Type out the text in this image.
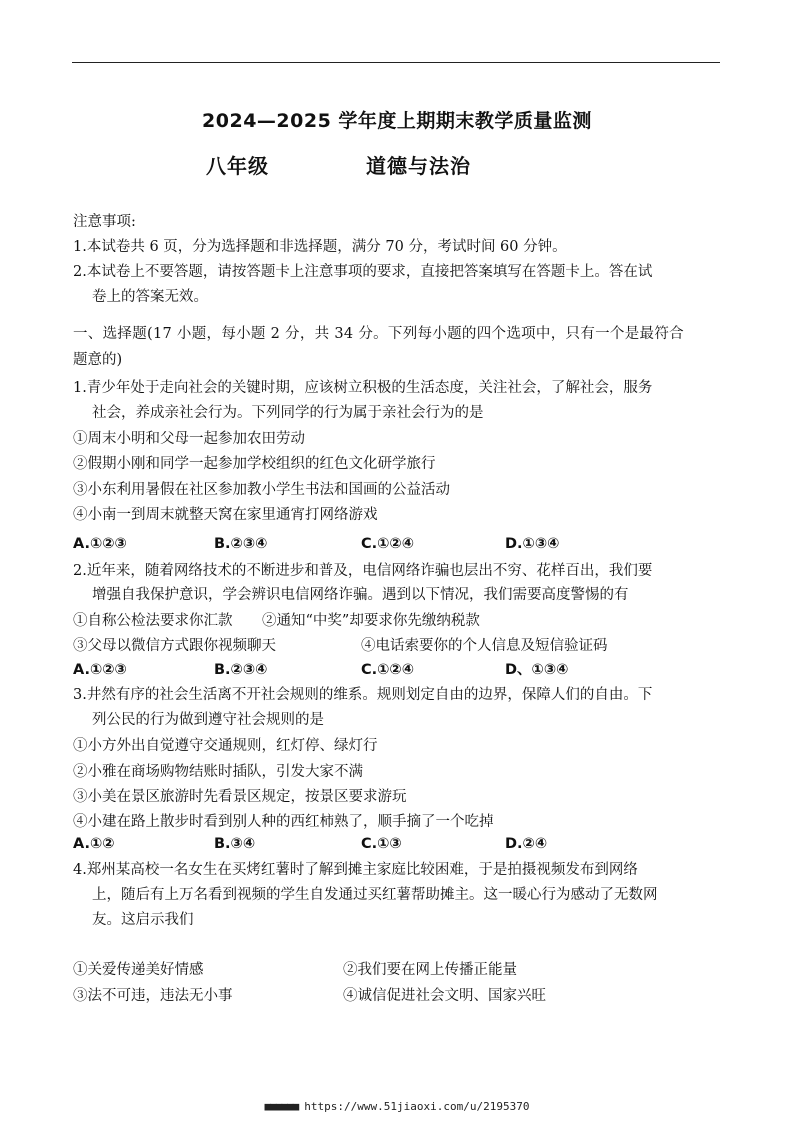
2024—2025 学年度上期期末教学质量监测
八年级	道德与法治
注意事项:
1.本试卷共 6 页，分为选择题和非选择题，满分 70 分，考试时间 60 分钟。
2.本试卷上不要答题，请按答题卡上注意事项的要求，直接把答案填写在答题卡上。答在试
卷上的答案无效。
一、选择题(17 小题，每小题 2 分，共 34 分。下列每小题的四个选项中，只有一个是最符合
题意的)
1.青少年处于走向社会的关键时期，应该树立积极的生活态度，关注社会，了解社会，服务
社会，养成亲社会行为。下列同学的行为属于亲社会行为的是
①周末小明和父母一起参加农田劳动
②假期小刚和同学一起参加学校组织的红色文化研学旅行
③小东利用暑假在社区参加教小学生书法和国画的公益活动
④小南一到周末就整天窝在家里通宵打网络游戏
A.①②③	B.②③④	C.①②④	D.①③④
2.近年来，随着网络技术的不断进步和普及，电信网络诈骗也层出不穷、花样百出，我们要
增强自我保护意识，学会辨识电信网络诈骗。遇到以下情况，我们需要高度警惕的有
①自称公检法要求你汇款 ②通知“中奖”却要求你先缴纳税款
③父母以微信方式跟你视频聊天	④电话索要你的个人信息及短信验证码
A.①②③	B.②③④	C.①②④	D、①③④
3.井然有序的社会生活离不开社会规则的维系。规则划定自由的边界，保障人们的自由。下
列公民的行为做到遵守社会规则的是
①小方外出自觉遵守交通规则，红灯停、绿灯行
②小雅在商场购物结账时插队，引发大家不满
③小美在景区旅游时先看景区规定，按景区要求游玩
④小建在路上散步时看到别人种的西红柿熟了，顺手摘了一个吃掉
A.①②	B.③④	C.①③	D.②④
4.郑州某高校一名女生在买烤红薯时了解到摊主家庭比较困难，于是拍摄视频发布到网络
上，随后有上万名看到视频的学生自发通过买红薯帮助摊主。这一暖心行为感动了无数网
友。这启示我们
①关爱传递美好情感	②我们要在网上传播正能量
③法不可违，违法无小事	④诚信促进社会文明、国家兴旺
■■■■■■ https://www.51jiaoxi.com/u/2195370
